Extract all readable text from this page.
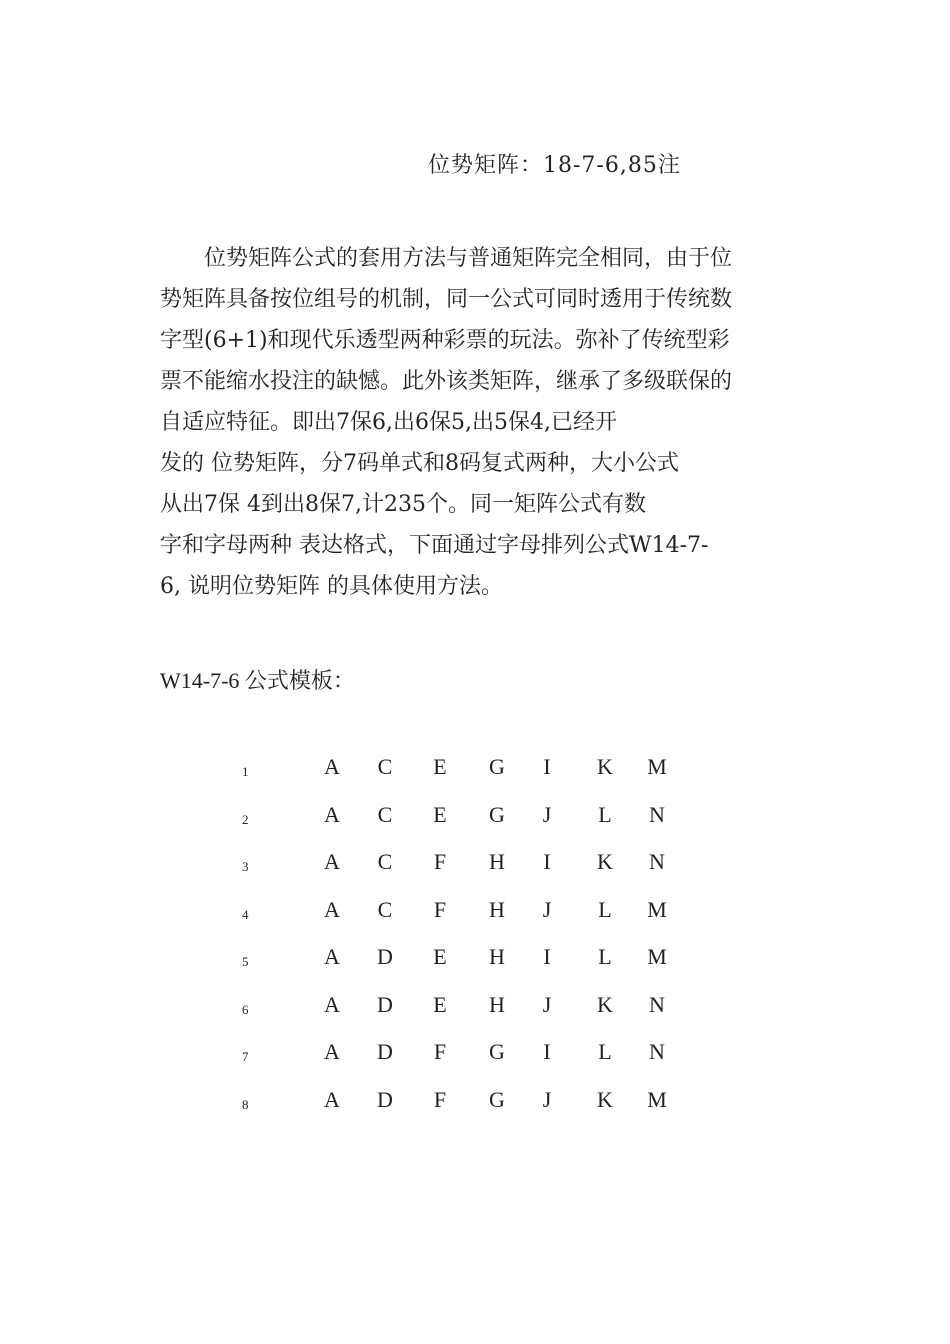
位势矩阵：18-7-6,85注
　　位势矩阵公式的套用方法与普通矩阵完全相同，由于位
势矩阵具备按位组号的机制，同一公式可同时透用于传统数
字型(6+1)和现代乐透型两种彩票的玩法。弥补了传统型彩
票不能缩水投注的缺憾。此外该类矩阵，继承了多级联保的
自适应特征。即出7保6,出6保5,出5保4,已经开
发的 位势矩阵，分7码单式和8码复式两种，大小公式
从出7保 4到出8保7,计235个。同一矩阵公式有数
字和字母两种 表达格式，下面通过字母排列公式W14-7-
6, 说明位势矩阵 的具体使用方法。
W14-7-6 公式模板：
1	A	C	E	G	I	K	M
2	A	C	E	G	J	L	N
3	A	C	F	H	I	K	N
4	A	C	F	H	J	L	M
5	A	D	E	H	I	L	M
6	A	D	E	H	J	K	N
7	A	D	F	G	I	L	N
8	A	D	F	G	J	K	M
